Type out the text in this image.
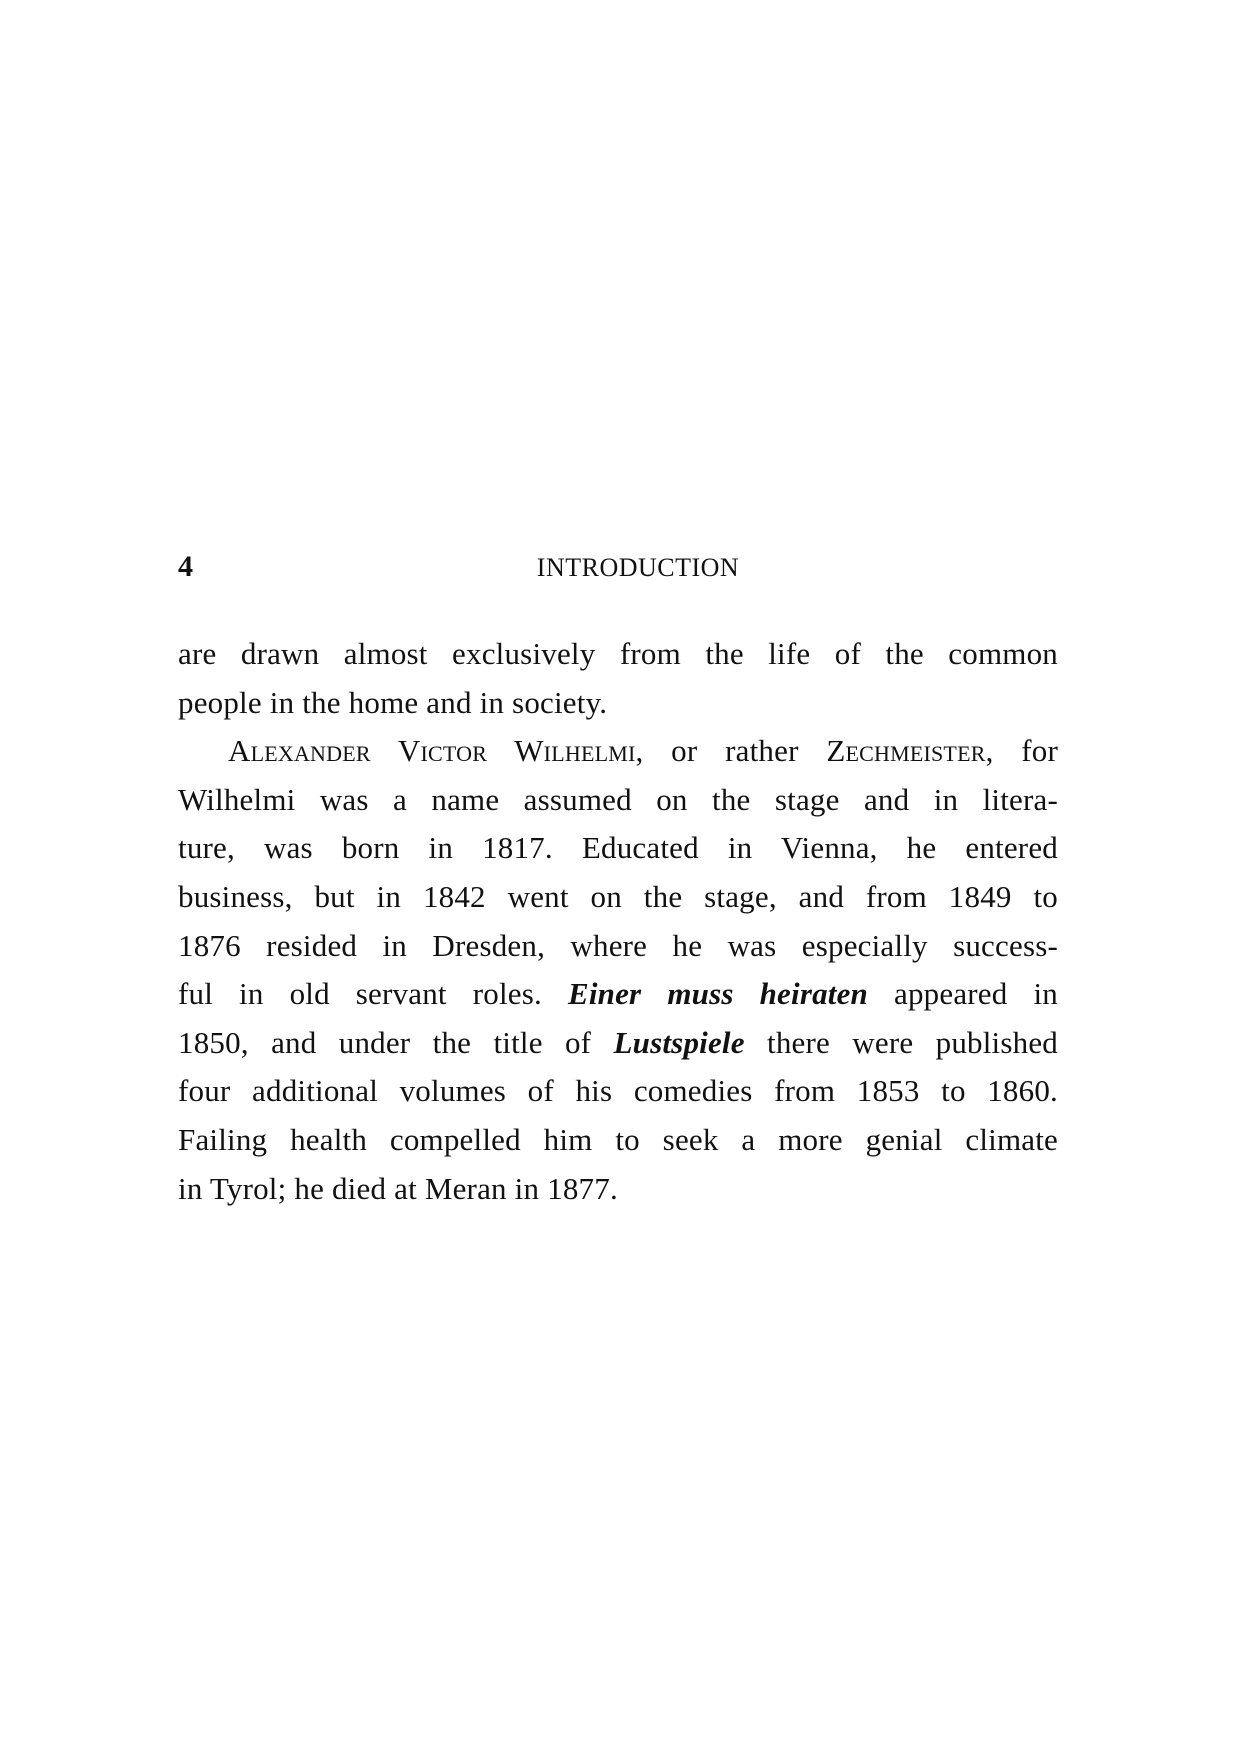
4	INTRODUCTION
are drawn almost exclusively from the life of the common
people in the home and in society.
Alexander Victor Wilhelmi, or rather Zechmeister, for
Wilhelmi was a name assumed on the stage and in litera-
ture, was born in 1817. Educated in Vienna, he entered
business, but in 1842 went on the stage, and from 1849 to
1876 resided in Dresden, where he was especially success-
ful in old servant roles. Einer muss heiraten appeared in
1850, and under the title of Lustspiele there were published
four additional volumes of his comedies from 1853 to 1860.
Failing health compelled him to seek a more genial climate
in Tyrol; he died at Meran in 1877.
